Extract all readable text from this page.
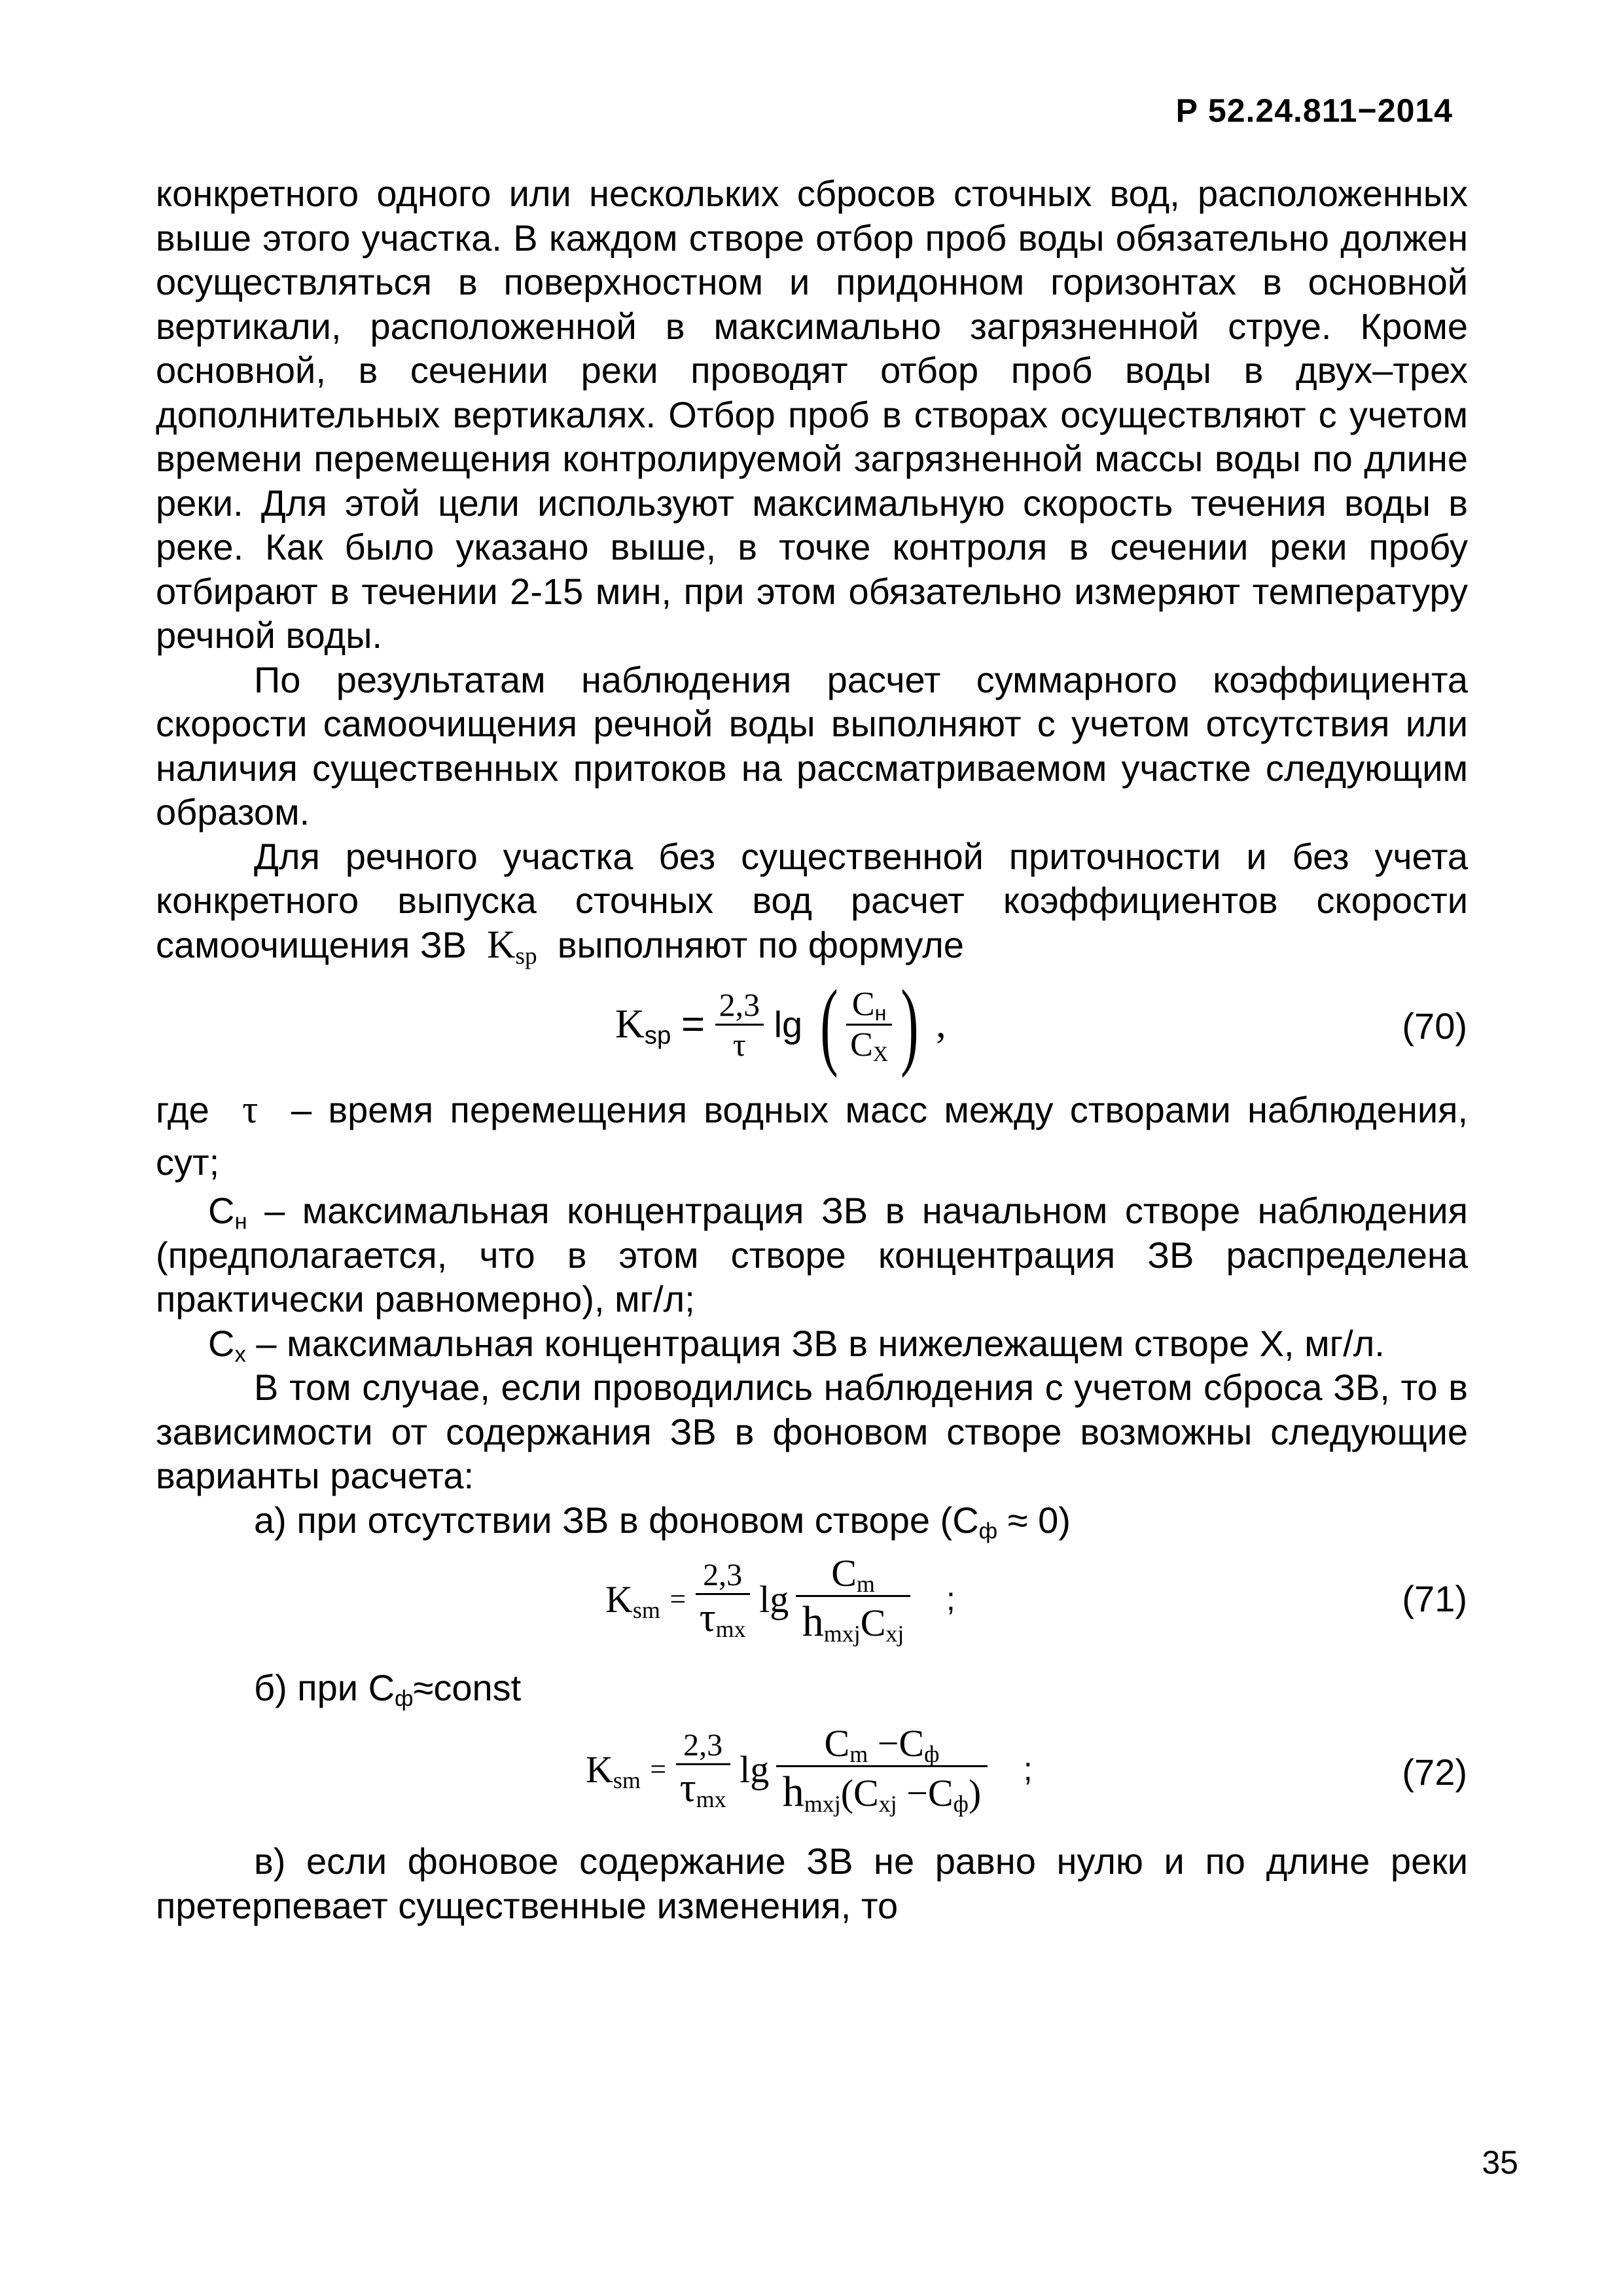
Р 52.24.811−2014

конкретного одного или нескольких сбросов сточных вод, расположенных выше этого участка. В каждом створе отбор проб воды обязательно должен осуществляться в поверхностном и придонном горизонтах в основной вертикали, расположенной в максимально загрязненной струе. Кроме основной, в сечении реки проводят отбор проб воды в двух–трех дополнительных вертикалях. Отбор проб в створах осуществляют с учетом времени перемещения контролируемой загрязненной массы воды по длине реки. Для этой цели используют максимальную скорость течения воды в реке. Как было указано выше, в точке контроля в сечении реки пробу отбирают в течении 2-15 мин, при этом обязательно измеряют температуру речной воды.

По результатам наблюдения расчет суммарного коэффициента скорости самоочищения речной воды выполняют с учетом отсутствия или наличия существенных притоков на рассматриваемом участке следующим образом.

Для речного участка без существенной приточности и без учета конкретного выпуска сточных вод расчет коэффициентов скорости самоочищения ЗВ $K_{sp}$ выполняют по формуле

$K_{sp} = \frac{2,3}{\tau}$ lg ( $\frac{C_н}{C_X}$ ) ,	(70)

где τ – время перемещения водных масс между створами наблюдения, сут;

$С_н$ – максимальная концентрация ЗВ в начальном створе наблюдения (предполагается, что в этом створе концентрация ЗВ распределена практически равномерно), мг/л;

$С_х$ – максимальная концентрация ЗВ в нижележащем створе X, мг/л.

В том случае, если проводились наблюдения с учетом сброса ЗВ, то в зависимости от содержания ЗВ в фоновом створе возможны следующие варианты расчета:

а) при отсутствии ЗВ в фоновом створе $(С_ф \approx 0)$

$K_{sm} = \frac{2,3}{\tau_{mx}}$ $\lg \frac{C_m}{h_{mxj}C_{xj}}$ ;	(71)

б) при $С_ф\approx const$

$K_{sm} = \frac{2,3}{\tau_{mx}}$ $\lg \frac{C_m -C_ф}{h_{mxj}(C_{xj} -C_ф)}$ ;	(72)

в) если фоновое содержание ЗВ не равно нулю и по длине реки претерпевает существенные изменения, то

35
